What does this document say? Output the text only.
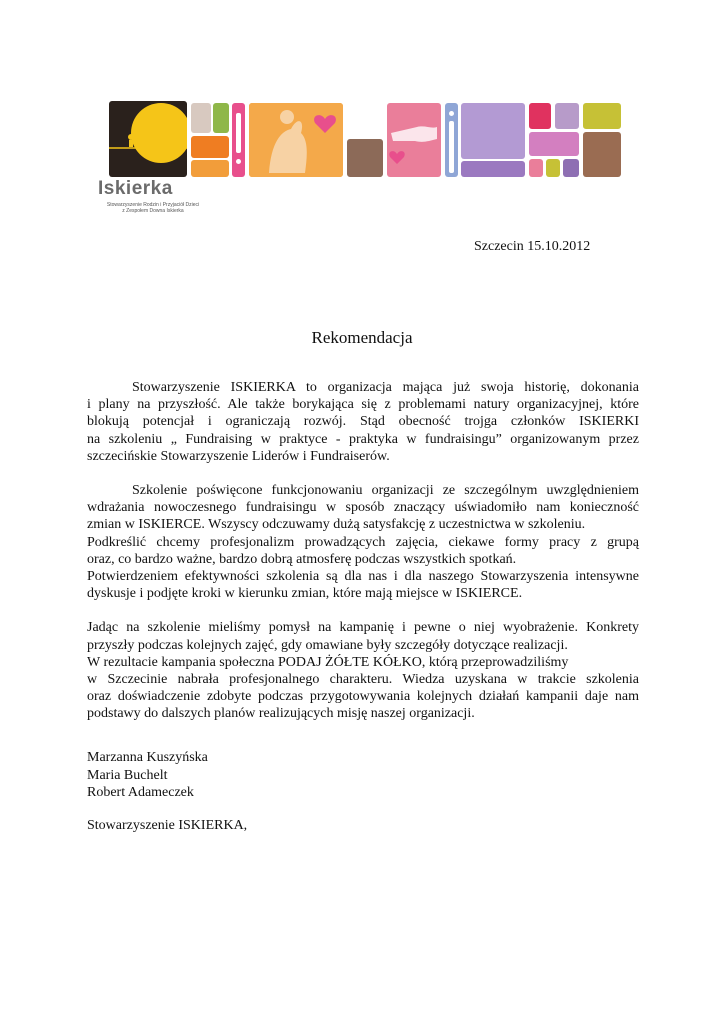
Iskierka
Stowarzyszenie Rodzin i Przyjaciół Dzieci
z Zespołem Downa Iskierka
Szczecin 15.10.2012
Rekomendacja
Stowarzyszenie ISKIERKA to organizacja mająca już swoja historię, dokonania
i plany na przyszłość. Ale także borykająca się z problemami natury organizacyjnej, które
blokują potencjał i ograniczają rozwój. Stąd obecność trojga członków ISKIERKI
na szkoleniu „ Fundraising w praktyce - praktyka w fundraisingu” organizowanym przez
szczecińskie Stowarzyszenie Liderów i Fundraiserów.
Szkolenie poświęcone funkcjonowaniu organizacji ze szczególnym uwzględnieniem
wdrażania nowoczesnego fundraisingu w sposób znaczący uświadomiło nam konieczność
zmian w ISKIERCE. Wszyscy odczuwamy dużą satysfakcję z uczestnictwa w szkoleniu.
Podkreślić chcemy profesjonalizm prowadzących zajęcia, ciekawe formy pracy z grupą
oraz, co bardzo ważne, bardzo dobrą atmosferę podczas wszystkich spotkań.
Potwierdzeniem efektywności szkolenia są dla nas i dla naszego Stowarzyszenia intensywne
dyskusje i podjęte kroki w kierunku zmian, które mają miejsce w ISKIERCE.
Jadąc na szkolenie mieliśmy pomysł na kampanię i pewne o niej wyobrażenie. Konkrety
przyszły podczas kolejnych zajęć, gdy omawiane były szczegóły dotyczące realizacji.
W rezultacie kampania społeczna PODAJ ŻÓŁTE KÓŁKO, którą przeprowadziliśmy
w Szczecinie nabrała profesjonalnego charakteru. Wiedza uzyskana w trakcie szkolenia
oraz doświadczenie zdobyte podczas przygotowywania kolejnych działań kampanii daje nam
podstawy do dalszych planów realizujących misję naszej organizacji.
Marzanna Kuszyńska
Maria Buchelt
Robert Adameczek
Stowarzyszenie ISKIERKA,
